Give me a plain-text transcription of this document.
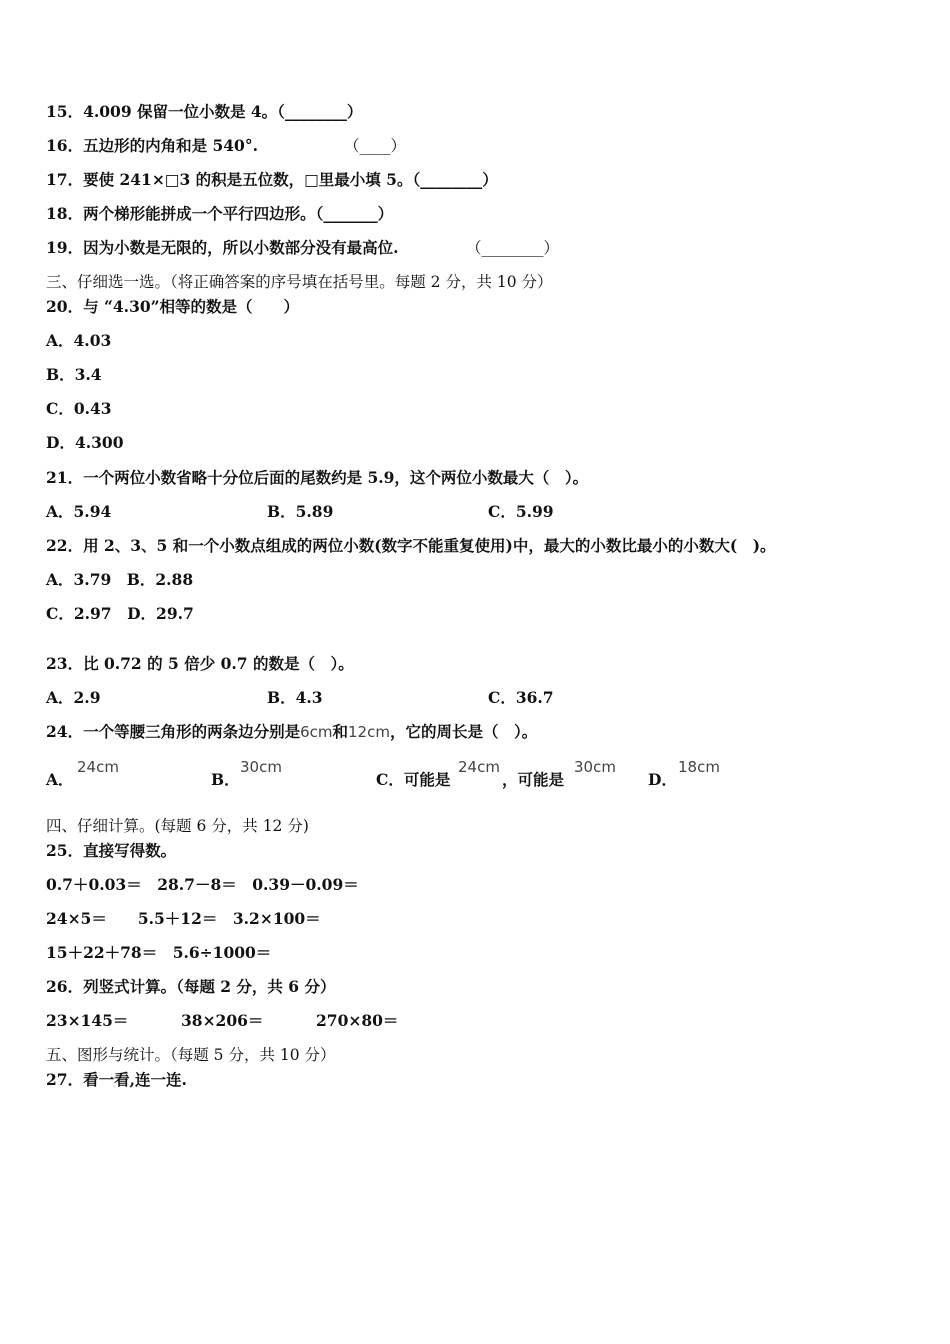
15．4.009 保留一位小数是 4。（________）
16．五边形的内角和是 540°.	（____）
17．要使 241×□3 的积是五位数，□里最小填 5。（________）
18．两个梯形能拼成一个平行四边形。（_______）
19．因为小数是无限的，所以小数部分没有最高位.	（________）
三、仔细选一选。（将正确答案的序号填在括号里。每题 2 分，共 10 分）
20．与 “4.30”相等的数是（　　）
A．4.03
B．3.4
C．0.43
D．4.300
21．一个两位小数省略十分位后面的尾数约是 5.9，这个两位小数最大（　）。
A．5.94	B．5.89	C．5.99
22．用 2、3、5 和一个小数点组成的两位小数(数字不能重复使用)中，最大的小数比最小的小数大(　)。
A．3.79　B．2.88
C．2.97　D．29.7
23．比 0.72 的 5 倍少 0.7 的数是（　）。
A．2.9	B．4.3	C．36.7
24．一个等腰三角形的两条边分别是6cm和12cm，它的周长是（　）。
A．
24cm
B．
30cm
C．可能是
24cm
，可能是
30cm
D．
18cm
四、仔细计算。(每题 6 分，共 12 分)
25．直接写得数。
0.7＋0.03＝　28.7－8＝　0.39－0.09＝
24×5＝　　5.5＋12＝　3.2×100＝
15＋22＋78＝　5.6÷1000＝
26．列竖式计算。（每题 2 分，共 6 分）
23×145＝	38×206＝	270×80＝
五、图形与统计。（每题 5 分，共 10 分）
27．看一看,连一连.
